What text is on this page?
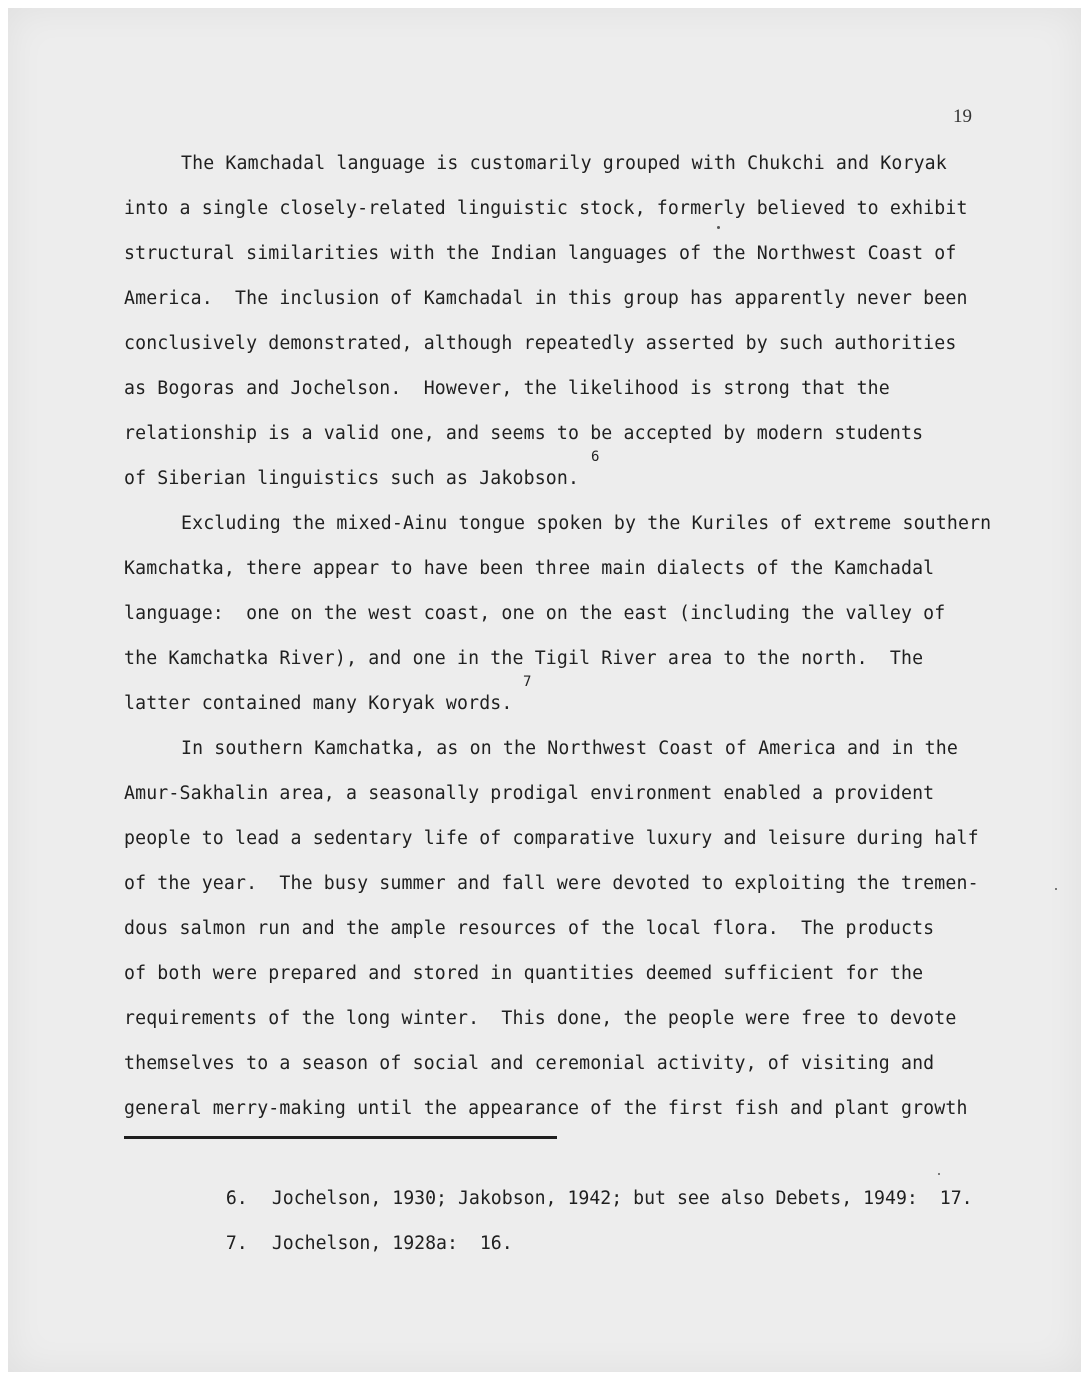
19
The Kamchadal language is customarily grouped with Chukchi and Koryak
into a single closely-related linguistic stock, formerly believed to exhibit
structural similarities with the Indian languages of the Northwest Coast of
America.  The inclusion of Kamchadal in this group has apparently never been
conclusively demonstrated, although repeatedly asserted by such authorities
as Bogoras and Jochelson.  However, the likelihood is strong that the
relationship is a valid one, and seems to be accepted by modern students
of Siberian linguistics such as Jakobson.
6
Excluding the mixed-Ainu tongue spoken by the Kuriles of extreme southern
Kamchatka, there appear to have been three main dialects of the Kamchadal
language:  one on the west coast, one on the east (including the valley of
the Kamchatka River), and one in the Tigil River area to the north.  The
latter contained many Koryak words.
7
In southern Kamchatka, as on the Northwest Coast of America and in the
Amur-Sakhalin area, a seasonally prodigal environment enabled a provident
people to lead a sedentary life of comparative luxury and leisure during half
of the year.  The busy summer and fall were devoted to exploiting the tremen-
dous salmon run and the ample resources of the local flora.  The products
of both were prepared and stored in quantities deemed sufficient for the
requirements of the long winter.  This done, the people were free to devote
themselves to a season of social and ceremonial activity, of visiting and
general merry-making until the appearance of the first fish and plant growth

6. Jochelson, 1930; Jakobson, 1942; but see also Debets, 1949:  17.

7. Jochelson, 1928a:  16.
